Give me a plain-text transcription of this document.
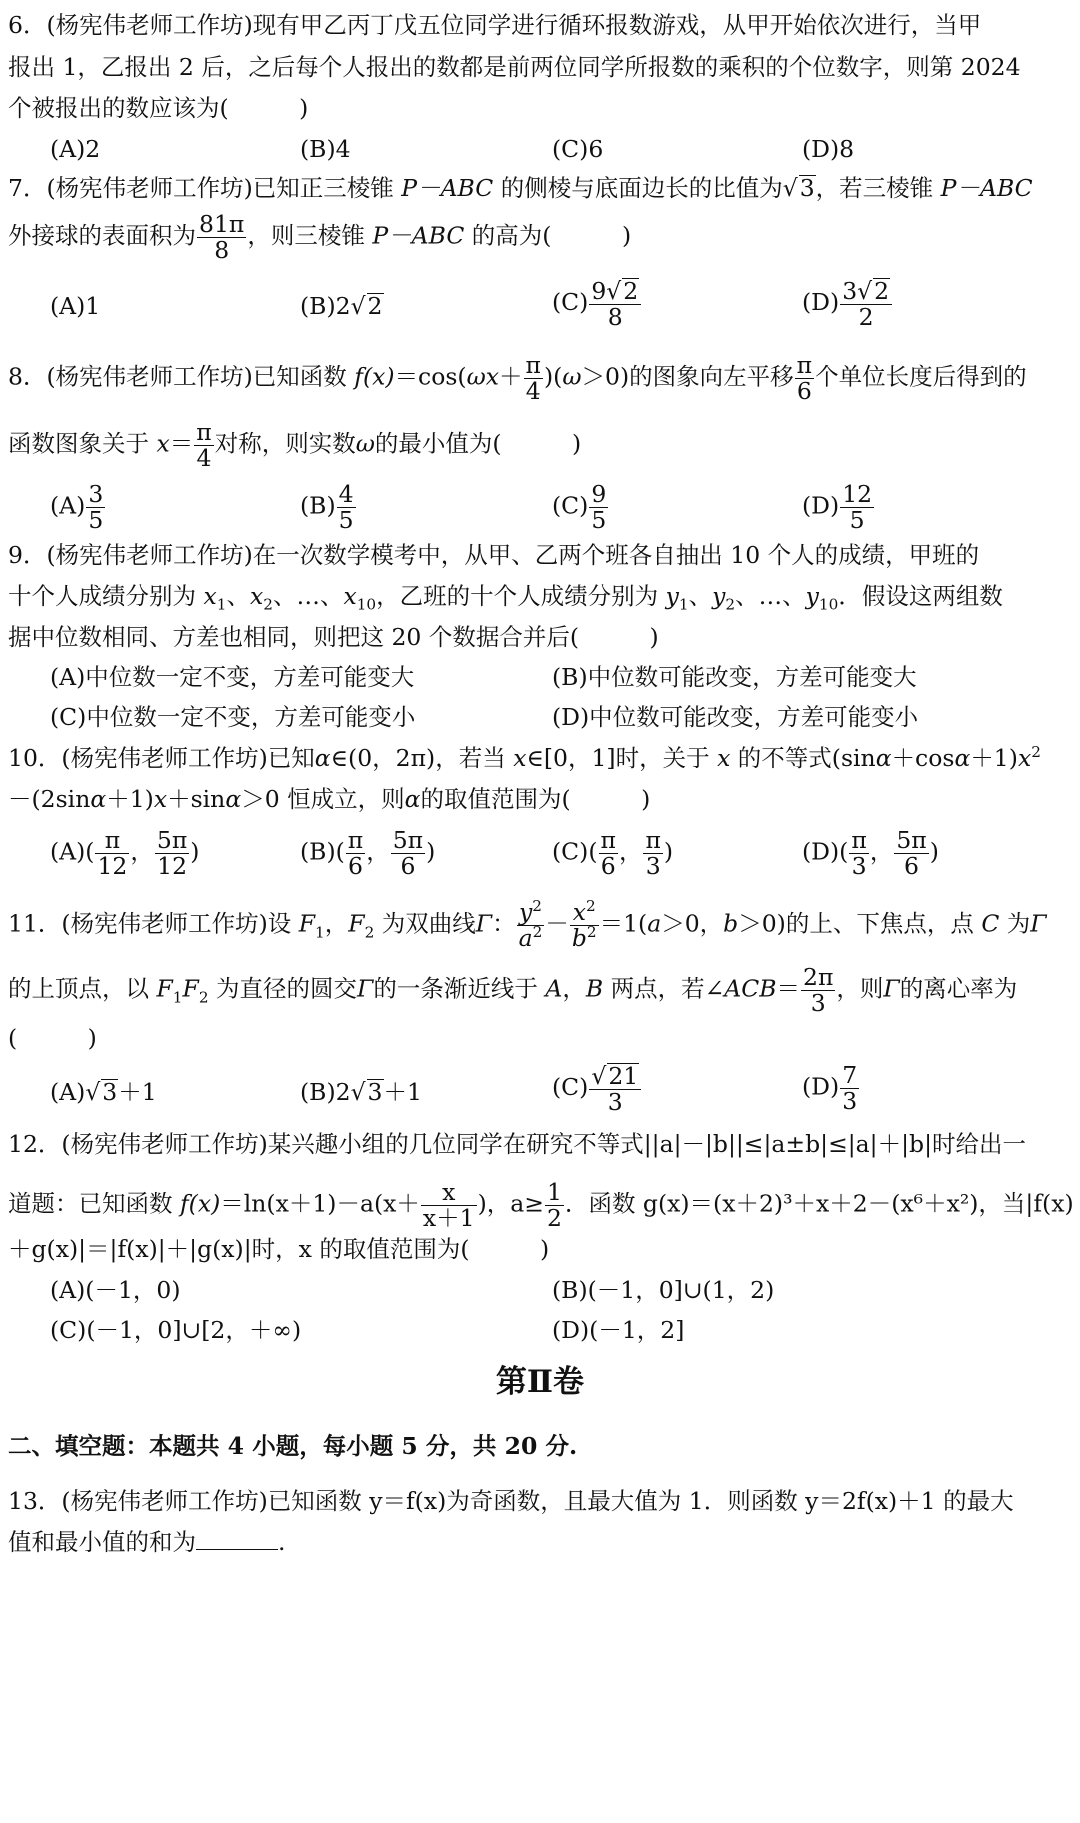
6．(杨宪伟老师工作坊)现有甲乙丙丁戊五位同学进行循环报数游戏，从甲开始依次进行，当甲
报出 1，乙报出 2 后，之后每个人报出的数都是前两位同学所报数的乘积的个位数字，则第 2024
个被报出的数应该为(　　　)
(A)2	(B)4	(C)6	(D)8
7．(杨宪伟老师工作坊)已知正三棱锥 P－ABC 的侧棱与底面边长的比值为√3，若三棱锥 P－ABC
外接球的表面积为 $\frac{81\pi}{8}$ ，则三棱锥 P－ABC 的高为(　　　)
(A)1	(B)2√2	$(C) \frac{9√2}{8}$	$(D) \frac{3√2}{2}$
8．(杨宪伟老师工作坊)已知函数 $f(x)=\cos(\omega x+ \frac{\pi}{4} )(\omega>0)$的图象向左平移 $\frac{\pi}{6}$ 个单位长度后得到的
函数图象关于 $x= \frac{\pi}{4}$ 对称，则实数ω的最小值为(　　　)
$(A) \frac{3}{5}$	$(B) \frac{4}{5}$	$(C) \frac{9}{5}$	$(D) \frac{12}{5}$
9．(杨宪伟老师工作坊)在一次数学模考中，从甲、乙两个班各自抽出 10 个人的成绩，甲班的
十个人成绩分别为 $x_1$、$x_2$、…、$x_{10}$，乙班的十个人成绩分别为 $y_1$、$y_2$、…、$y_{10}$．假设这两组数
据中位数相同、方差也相同，则把这 20 个数据合并后(　　　)
(A)中位数一定不变，方差可能变大	(B)中位数可能改变，方差可能变大
(C)中位数一定不变，方差可能变小	(D)中位数可能改变，方差可能变小
10．(杨宪伟老师工作坊)已知α∈(0，2π)，若当 x∈[0，1]时，关于 x 的不等式$(\sin\alpha+\cos\alpha+1)x^2$
－(2sinα＋1)x＋sinα＞0 恒成立，则α的取值范围为(　　　)
$(A)( \frac{\pi}{12}$ ， $\frac{5\pi}{12}$ )	$(B)( \frac{\pi}{6}$ ， $\frac{5\pi}{6}$ )	$(C)( \frac{\pi}{6}$ ， $\frac{\pi}{3}$ )	$(D)( \frac{\pi}{3}$ ， $\frac{5\pi}{6}$ )
11．(杨宪伟老师工作坊)设 $F_1$，$F_2$ 为双曲线Γ： $\frac{y^2}{a^2} - \frac{x^2}{b^2} =1(a>0$，b＞0)的上、下焦点，点 C 为Γ
的上顶点，以 $F_1F_2$ 为直径的圆交Γ的一条渐近线于 A，B 两点，若∠ACB＝ $\frac{2\pi}{3}$ ，则Γ的离心率为
(　　　)
(A)√3＋1	(B)2√3＋1	$(C) \frac{√21}{3}$	$(D) \frac{7}{3}$
12．(杨宪伟老师工作坊)某兴趣小组的几位同学在研究不等式||a|－|b||≤|a±b|≤|a|＋|b|时给出一
道题：已知函数 $f(x)=\ln(x+1)-a(x+ \frac{x}{x+1}$ )，$a\ge \frac{1}{2}$ ．函数 g(x)＝(x＋2)³＋x＋2－(x⁶＋x²)，当|f(x)
＋g(x)|＝|f(x)|＋|g(x)|时，x 的取值范围为(　　　)
(A)(－1，0)	(B)(－1，0]∪(1，2)
(C)(－1，0]∪[2，＋∞)	(D)(－1，2]
第Ⅱ卷
二、填空题：本题共 4 小题，每小题 5 分，共 20 分.
13．(杨宪伟老师工作坊)已知函数 y＝f(x)为奇函数，且最大值为 1．则函数 y＝2f(x)＋1 的最大
值和最小值的和为	.
